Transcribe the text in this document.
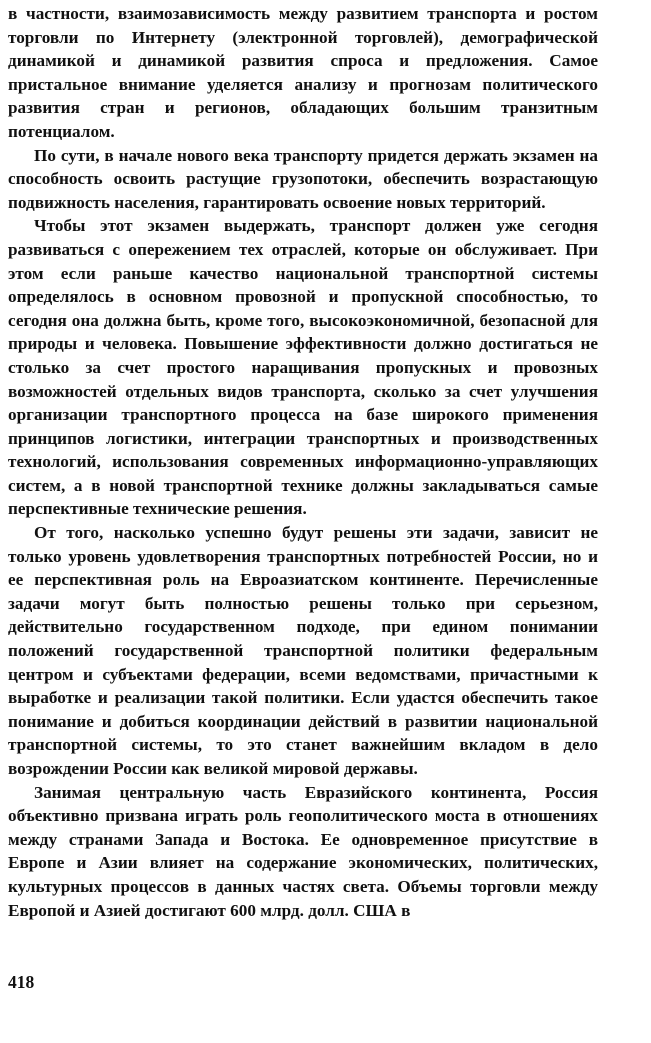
в частности, взаимозависимость между развитием транспорта и ростом торговли по Интернету (электронной торговлей), демографической динамикой и динамикой развития спроса и предложения. Самое пристальное внимание уделяется анализу и прогнозам политического развития стран и регионов, обладающих большим транзитным потенциалом.

По сути, в начале нового века транспорту придется держать экзамен на способность освоить растущие грузопотоки, обеспечить возрастающую подвижность населения, гарантировать освоение новых территорий.

Чтобы этот экзамен выдержать, транспорт должен уже сегодня развиваться с опережением тех отраслей, которые он обслуживает. При этом если раньше качество национальной транспортной системы определялось в основном провозной и пропускной способностью, то сегодня она должна быть, кроме того, высокоэкономичной, безопасной для природы и человека. Повышение эффективности должно достигаться не столько за счет простого наращивания пропускных и провозных возможностей отдельных видов транспорта, сколько за счет улучшения организации транспортного процесса на базе широкого применения принципов логистики, интеграции транспортных и производственных технологий, использования современных информационно-управляющих систем, а в новой транспортной технике должны закладываться самые перспективные технические решения.

От того, насколько успешно будут решены эти задачи, зависит не только уровень удовлетворения транспортных потребностей России, но и ее перспективная роль на Евроазиатском континенте. Перечисленные задачи могут быть полностью решены только при серьезном, действительно государственном подходе, при едином понимании положений государственной транспортной политики федеральным центром и субъектами федерации, всеми ведомствами, причастными к выработке и реализации такой политики. Если удастся обеспечить такое понимание и добиться координации действий в развитии национальной транспортной системы, то это станет важнейшим вкладом в дело возрождении России как великой мировой державы.

Занимая центральную часть Евразийского континента, Россия объективно призвана играть роль геополитического моста в отношениях между странами Запада и Востока. Ее одновременное присутствие в Европе и Азии влияет на содержание экономических, политических, культурных процессов в данных частях света. Объемы торговли между Европой и Азией достигают 600 млрд. долл. США в

418
